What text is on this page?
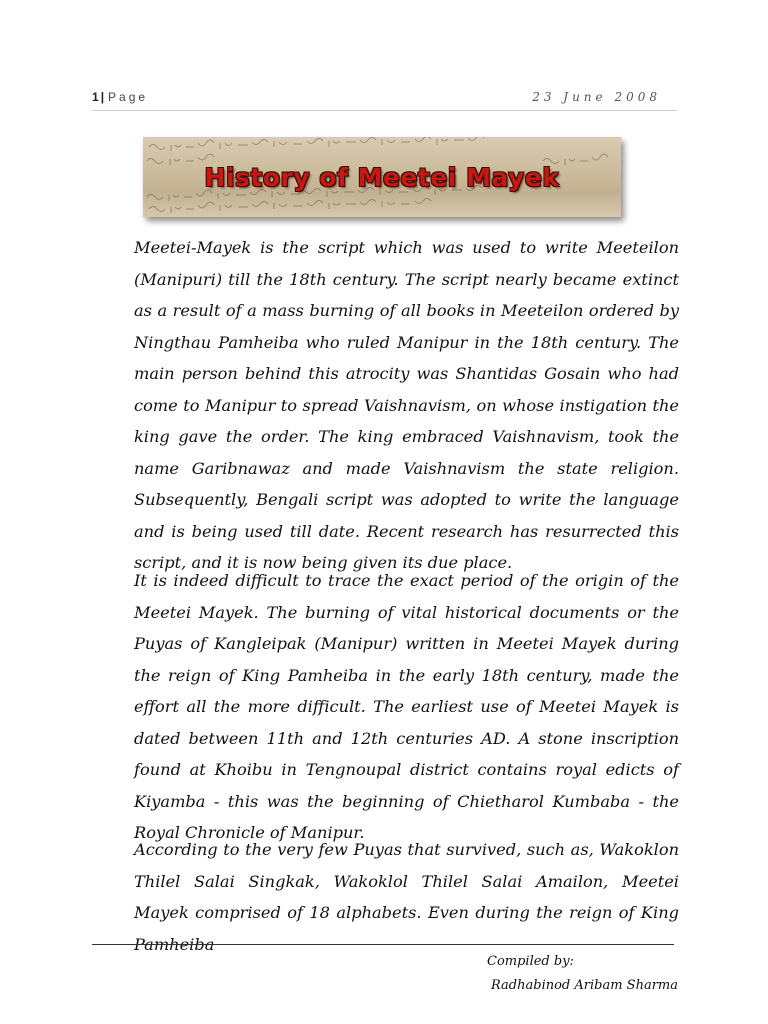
1| Page	23 June 2008
History of Meetei Mayek

Meetei-Mayek is the script which was used to write Meeteilon (Manipuri) till the 18th century. The script nearly became extinct as a result of a mass burning of all books in Meeteilon ordered by Ningthau Pamheiba who ruled Manipur in the 18th century. The main person behind this atrocity was Shantidas Gosain who had come to Manipur to spread Vaishnavism, on whose instigation the king gave the order. The king embraced Vaishnavism, took the name Garibnawaz and made Vaishnavism the state religion. Subsequently, Bengali script was adopted to write the language and is being used till date. Recent research has resurrected this script, and it is now being given its due place.

It is indeed difficult to trace the exact period of the origin of the Meetei Mayek. The burning of vital historical documents or the Puyas of Kangleipak (Manipur) written in Meetei Mayek during the reign of King Pamheiba in the early 18th century, made the effort all the more difficult. The earliest use of Meetei Mayek is dated between 11th and 12th centuries AD. A stone inscription found at Khoibu in Tengnoupal district contains royal edicts of Kiyamba - this was the beginning of Chietharol Kumbaba - the Royal Chronicle of Manipur.

According to the very few Puyas that survived, such as, Wakoklon Thilel Salai Singkak, Wakoklol Thilel Salai Amailon, Meetei Mayek comprised of 18 alphabets. Even during the reign of King Pamheiba

Compiled by:
Radhabinod Aribam Sharma
